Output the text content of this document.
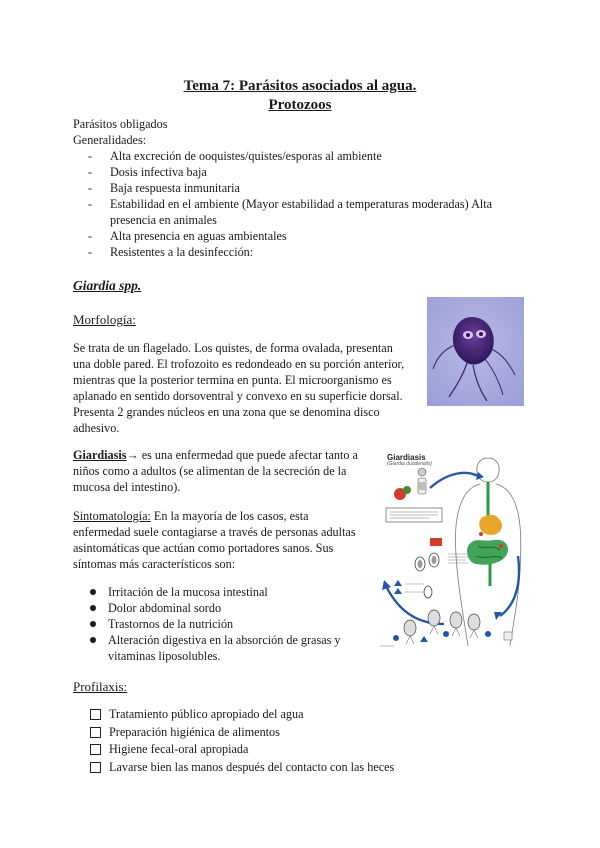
Tema 7: Parásitos asociados al agua.
Protozoos
Parásitos obligados
Generalidades:
- Alta excreción de ooquistes/quistes/esporas al ambiente
- Dosis infectiva baja
- Baja respuesta inmunitaria
- Estabilidad en el ambiente (Mayor estabilidad a temperaturas moderadas) Alta presencia en animales
- Alta presencia en aguas ambientales
- Resistentes a la desinfección:
Giardia spp.
Morfología:
Se trata de un flagelado. Los quistes, de forma ovalada, presentan una doble pared. El trofozoito es redondeado en su porción anterior, mientras que la posterior termina en punta. El microorganismo es aplanado en sentido dorsoventral y convexo en su superficie dorsal. Presenta 2 grandes núcleos en una zona que se denomina disco adhesivo.
Giardiasis→ es una enfermedad que puede afectar tanto a niños como a adultos (se alimentan de la secreción de la mucosa del intestino).
Sintomatología: En la mayoría de los casos, esta enfermedad suele contagiarse a través de personas adultas asintomáticas que actúan como portadores sanos. Sus síntomas más característicos son:
Irritación de la mucosa intestinal
Dolor abdominal sordo
Trastornos de la nutrición
Alteración digestiva en la absorción de grasas y vitaminas liposolubles.
Giardiasis
(Giardia duodenalis)
Profilaxis:
Tratamiento público apropiado del agua
Preparación higiénica de alimentos
Higiene fecal-oral apropiada
Lavarse bien las manos después del contacto con las heces
